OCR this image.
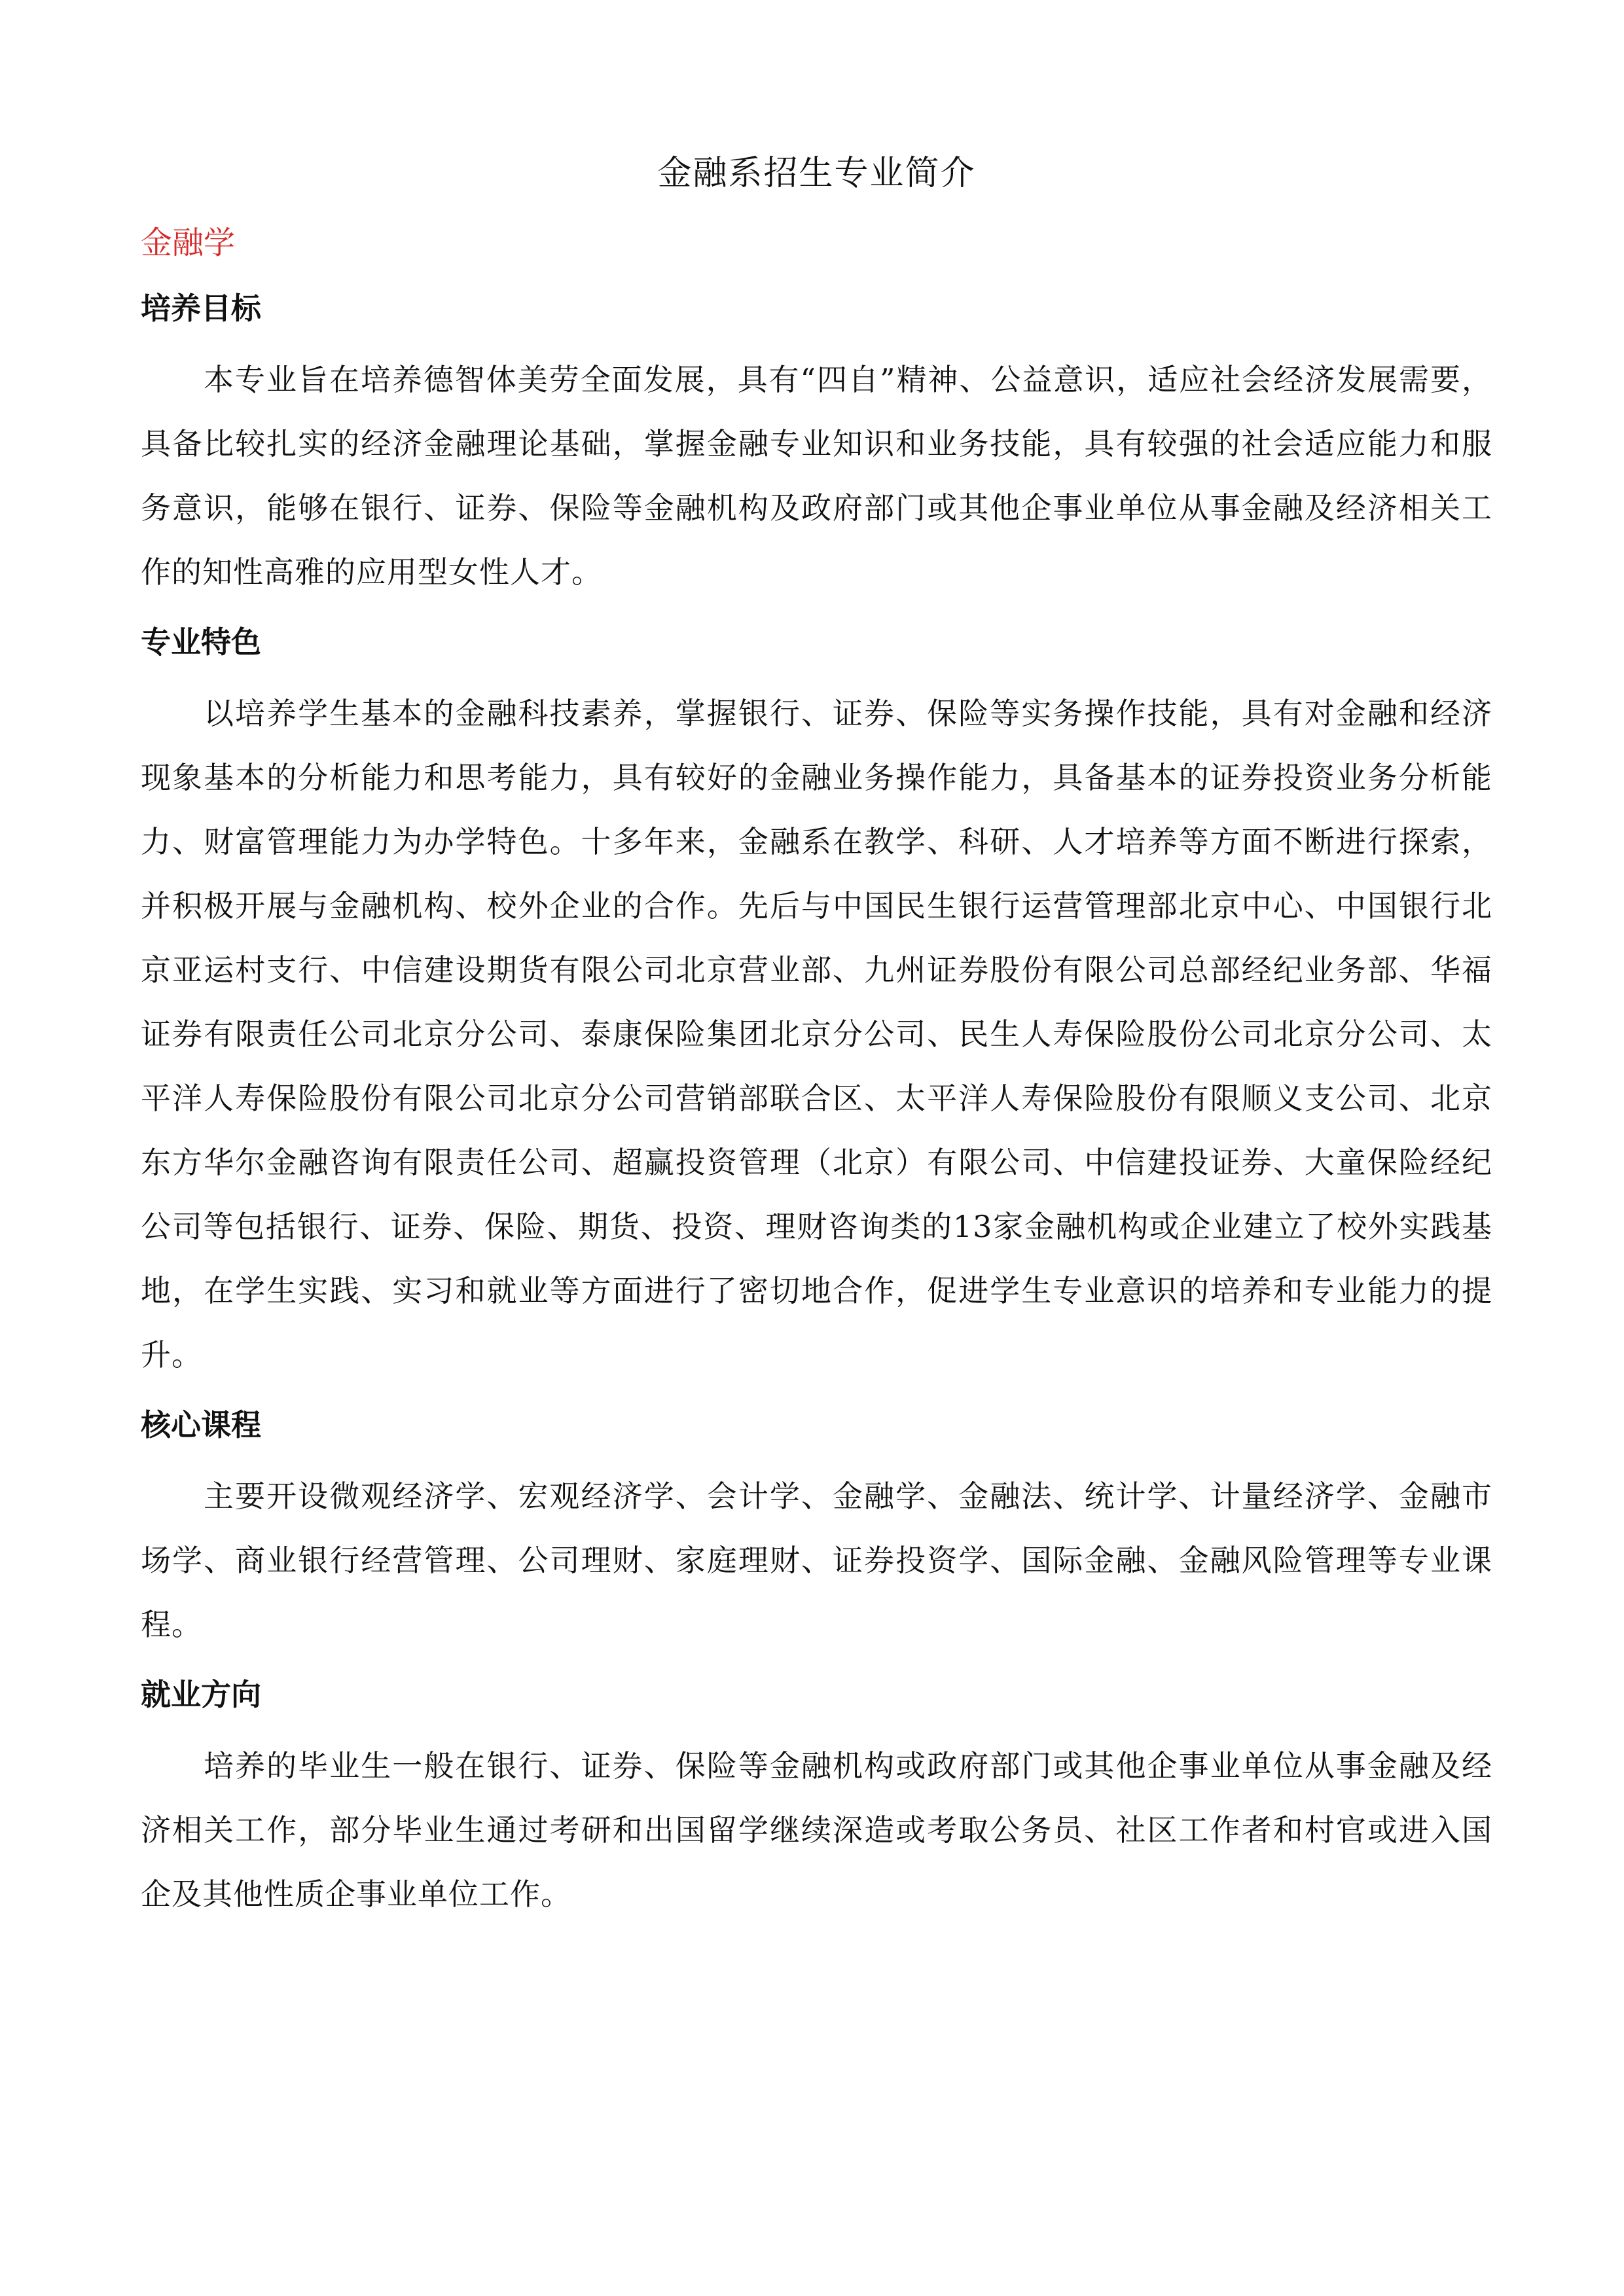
金融系招生专业简介
金融学
培养目标

本专业旨在培养德智体美劳全面发展，具有“四自”精神、公益意识，适应社会经济发展需要，具备比较扎实的经济金融理论基础，掌握金融专业知识和业务技能，具有较强的社会适应能力和服务意识，能够在银行、证券、保险等金融机构及政府部门或其他企事业单位从事金融及经济相关工作的知性高雅的应用型女性人才。

专业特色

以培养学生基本的金融科技素养，掌握银行、证券、保险等实务操作技能，具有对金融和经济现象基本的分析能力和思考能力，具有较好的金融业务操作能力，具备基本的证券投资业务分析能力、财富管理能力为办学特色。十多年来，金融系在教学、科研、人才培养等方面不断进行探索，并积极开展与金融机构、校外企业的合作。先后与中国民生银行运营管理部北京中心、中国银行北京亚运村支行、中信建设期货有限公司北京营业部、九州证券股份有限公司总部经纪业务部、华福证券有限责任公司北京分公司、泰康保险集团北京分公司、民生人寿保险股份公司北京分公司、太平洋人寿保险股份有限公司北京分公司营销部联合区、太平洋人寿保险股份有限顺义支公司、北京东方华尔金融咨询有限责任公司、超赢投资管理（北京）有限公司、中信建投证券、大童保险经纪公司等包括银行、证券、保险、期货、投资、理财咨询类的13家金融机构或企业建立了校外实践基地，在学生实践、实习和就业等方面进行了密切地合作，促进学生专业意识的培养和专业能力的提升。

核心课程

主要开设微观经济学、宏观经济学、会计学、金融学、金融法、统计学、计量经济学、金融市场学、商业银行经营管理、公司理财、家庭理财、证券投资学、国际金融、金融风险管理等专业课程。

就业方向

培养的毕业生一般在银行、证券、保险等金融机构或政府部门或其他企事业单位从事金融及经济相关工作，部分毕业生通过考研和出国留学继续深造或考取公务员、社区工作者和村官或进入国企及其他性质企事业单位工作。
